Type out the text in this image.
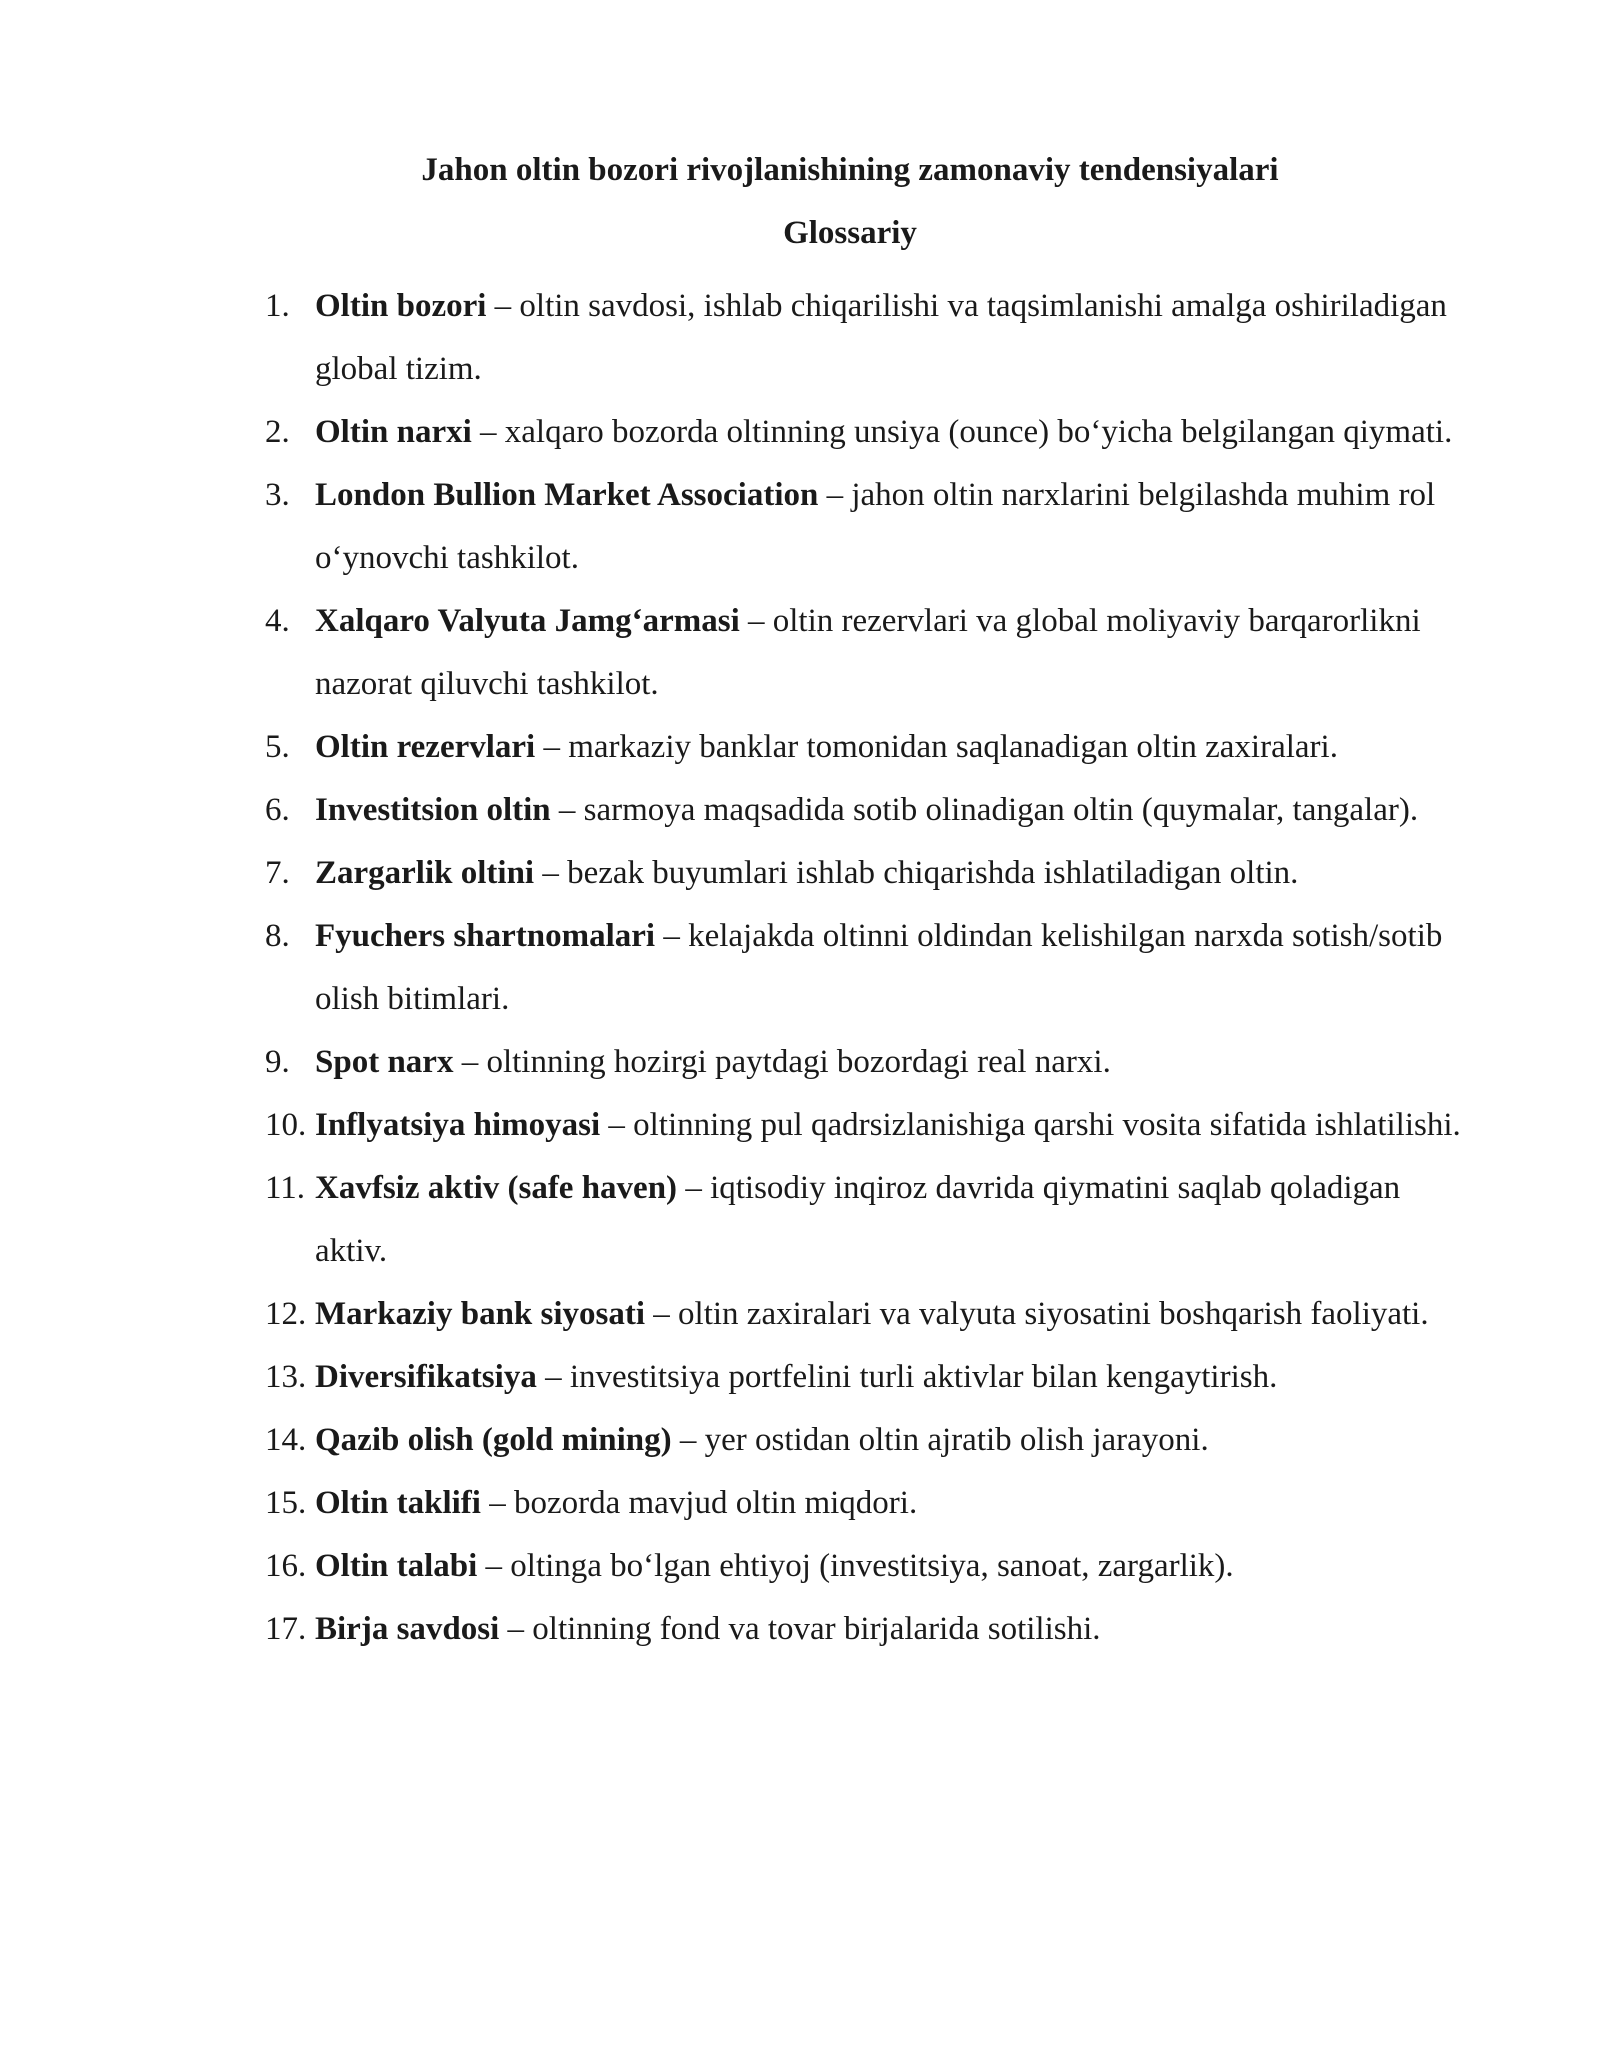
Jahon oltin bozori rivojlanishining zamonaviy tendensiyalari
Glossariy
1. Oltin bozori – oltin savdosi, ishlab chiqarilishi va taqsimlanishi amalga oshiriladigan global tizim.
2. Oltin narxi – xalqaro bozorda oltinning unsiya (ounce) bo‘yicha belgilangan qiymati.
3. London Bullion Market Association – jahon oltin narxlarini belgilashda muhim rol o‘ynovchi tashkilot.
4. Xalqaro Valyuta Jamg‘armasi – oltin rezervlari va global moliyaviy barqarorlikni nazorat qiluvchi tashkilot.
5. Oltin rezervlari – markaziy banklar tomonidan saqlanadigan oltin zaxiralari.
6. Investitsion oltin – sarmoya maqsadida sotib olinadigan oltin (quymalar, tangalar).
7. Zargarlik oltini – bezak buyumlari ishlab chiqarishda ishlatiladigan oltin.
8. Fyuchers shartnomalari – kelajakda oltinni oldindan kelishilgan narxda sotish/sotib olish bitimlari.
9. Spot narx – oltinning hozirgi paytdagi bozordagi real narxi.
10. Inflyatsiya himoyasi – oltinning pul qadrsizlanishiga qarshi vosita sifatida ishlatilishi.
11. Xavfsiz aktiv (safe haven) – iqtisodiy inqiroz davrida qiymatini saqlab qoladigan aktiv.
12. Markaziy bank siyosati – oltin zaxiralari va valyuta siyosatini boshqarish faoliyati.
13. Diversifikatsiya – investitsiya portfelini turli aktivlar bilan kengaytirish.
14. Qazib olish (gold mining) – yer ostidan oltin ajratib olish jarayoni.
15. Oltin taklifi – bozorda mavjud oltin miqdori.
16. Oltin talabi – oltinga bo‘lgan ehtiyoj (investitsiya, sanoat, zargarlik).
17. Birja savdosi – oltinning fond va tovar birjalarida sotilishi.
